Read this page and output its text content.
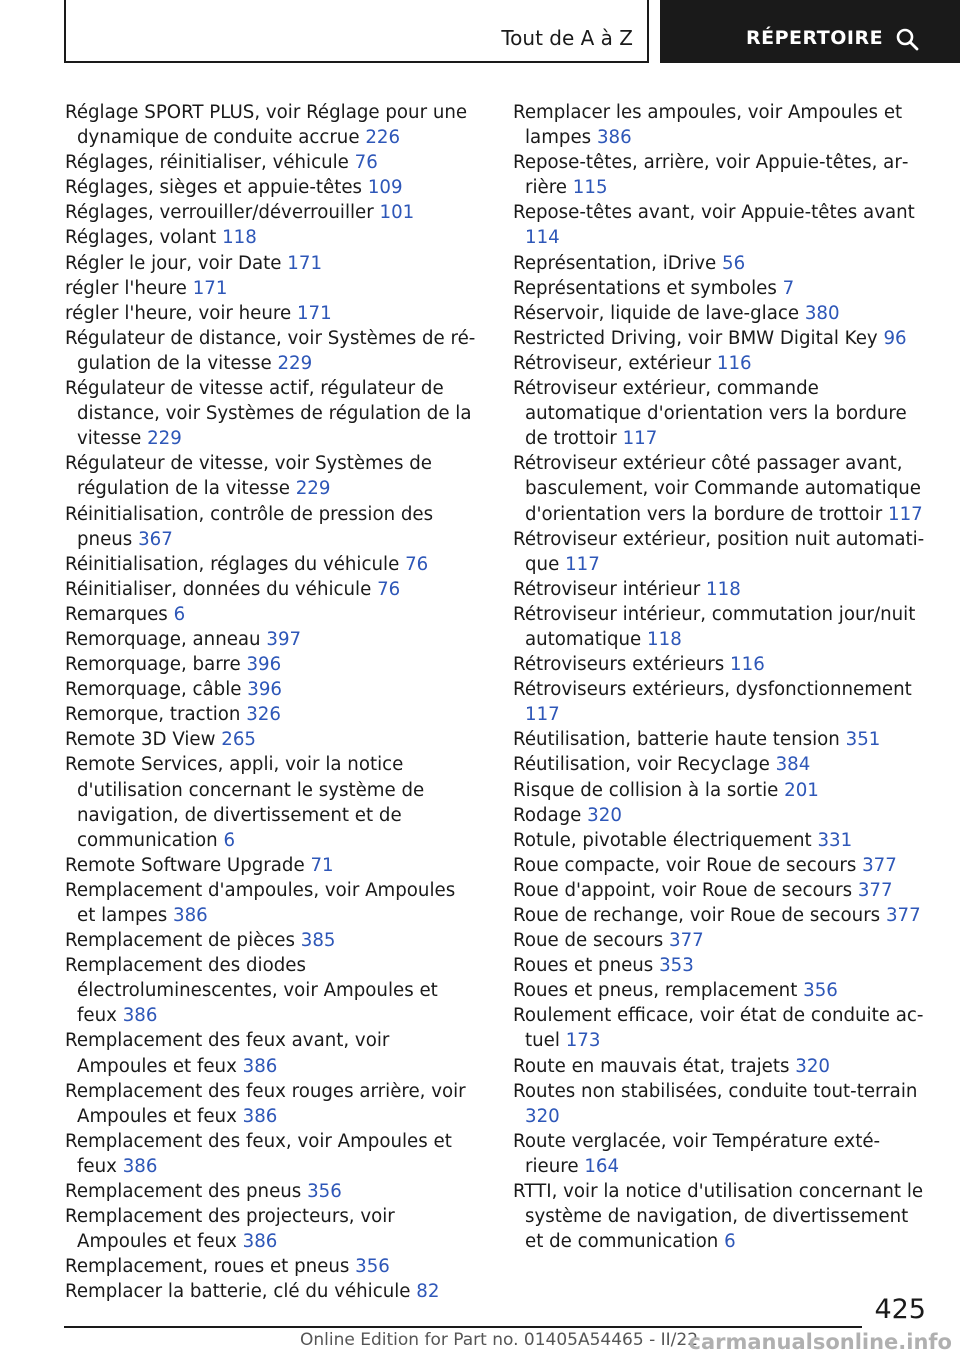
Tout de A à Z	RÉPERTOIRE
Réglage SPORT PLUS, voir Réglage pour une dynamique de conduite accrue 226
Réglages, réinitialiser, véhicule 76
Réglages, sièges et appuie-têtes 109
Réglages, verrouiller/déverrouiller 101
Réglages, volant 118
Régler le jour, voir Date 171
régler l'heure 171
régler l'heure, voir heure 171
Régulateur de distance, voir Systèmes de régulation de la vitesse 229
Régulateur de vitesse actif, régulateur de distance, voir Systèmes de régulation de la vitesse 229
Régulateur de vitesse, voir Systèmes de régulation de la vitesse 229
Réinitialisation, contrôle de pression des pneus 367
Réinitialisation, réglages du véhicule 76
Réinitialiser, données du véhicule 76
Remarques 6
Remorquage, anneau 397
Remorquage, barre 396
Remorquage, câble 396
Remorque, traction 326
Remote 3D View 265
Remote Services, appli, voir la notice d'utilisation concernant le système de navigation, de divertissement et de communication 6
Remote Software Upgrade 71
Remplacement d'ampoules, voir Ampoules et lampes 386
Remplacement de pièces 385
Remplacement des diodes électroluminescentes, voir Ampoules et feux 386
Remplacement des feux avant, voir Ampoules et feux 386
Remplacement des feux rouges arrière, voir Ampoules et feux 386
Remplacement des feux, voir Ampoules et feux 386
Remplacement des pneus 356
Remplacement des projecteurs, voir Ampoules et feux 386
Remplacement, roues et pneus 356
Remplacer la batterie, clé du véhicule 82
Remplacer les ampoules, voir Ampoules et lampes 386
Repose-têtes, arrière, voir Appuie-têtes, arrière 115
Repose-têtes avant, voir Appuie-têtes avant 114
Représentation, iDrive 56
Représentations et symboles 7
Réservoir, liquide de lave-glace 380
Restricted Driving, voir BMW Digital Key 96
Rétroviseur, extérieur 116
Rétroviseur extérieur, commande automatique d'orientation vers la bordure de trottoir 117
Rétroviseur extérieur côté passager avant, basculement, voir Commande automatique d'orientation vers la bordure de trottoir 117
Rétroviseur extérieur, position nuit automatique 117
Rétroviseur intérieur 118
Rétroviseur intérieur, commutation jour/nuit automatique 118
Rétroviseurs extérieurs 116
Rétroviseurs extérieurs, dysfonctionnement 117
Réutilisation, batterie haute tension 351
Réutilisation, voir Recyclage 384
Risque de collision à la sortie 201
Rodage 320
Rotule, pivotable électriquement 331
Roue compacte, voir Roue de secours 377
Roue d'appoint, voir Roue de secours 377
Roue de rechange, voir Roue de secours 377
Roue de secours 377
Roues et pneus 353
Roues et pneus, remplacement 356
Roulement efficace, voir état de conduite actuel 173
Route en mauvais état, trajets 320
Routes non stabilisées, conduite tout-terrain 320
Route verglacée, voir Température extérieure 164
RTTI, voir la notice d'utilisation concernant le système de navigation, de divertissement et de communication 6
425
Online Edition for Part no. 01405A54465 - II/22
carmanualsonline.info
